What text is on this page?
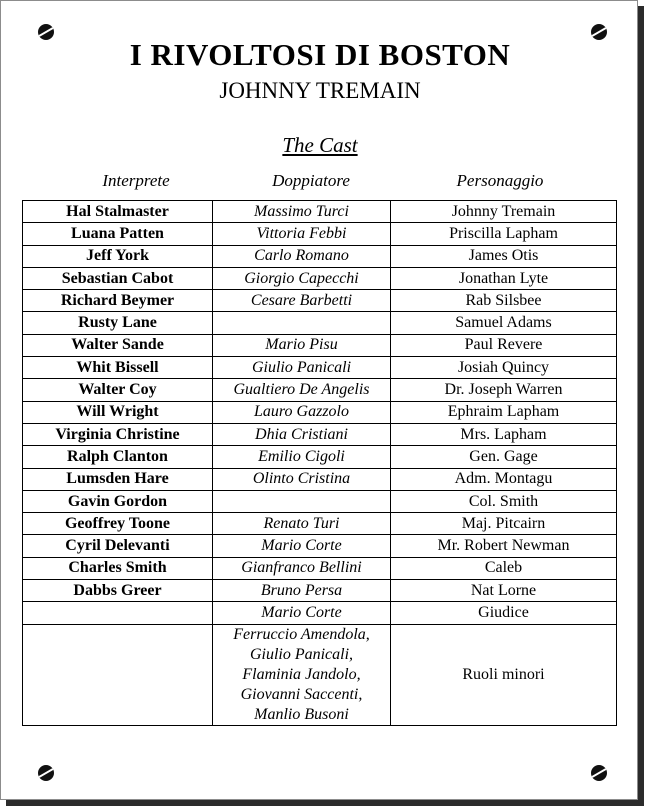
I RIVOLTOSI DI BOSTON
JOHNNY TREMAIN
The Cast
Interprete	Doppiatore	Personaggio
Hal Stalmaster	Massimo Turci	Johnny Tremain
Luana Patten	Vittoria Febbi	Priscilla Lapham
Jeff York	Carlo Romano	James Otis
Sebastian Cabot	Giorgio Capecchi	Jonathan Lyte
Richard Beymer	Cesare Barbetti	Rab Silsbee
Rusty Lane		Samuel Adams
Walter Sande	Mario Pisu	Paul Revere
Whit Bissell	Giulio Panicali	Josiah Quincy
Walter Coy	Gualtiero De Angelis	Dr. Joseph Warren
Will Wright	Lauro Gazzolo	Ephraim Lapham
Virginia Christine	Dhia Cristiani	Mrs. Lapham
Ralph Clanton	Emilio Cigoli	Gen. Gage
Lumsden Hare	Olinto Cristina	Adm. Montagu
Gavin Gordon		Col. Smith
Geoffrey Toone	Renato Turi	Maj. Pitcairn
Cyril Delevanti	Mario Corte	Mr. Robert Newman
Charles Smith	Gianfranco Bellini	Caleb
Dabbs Greer	Bruno Persa	Nat Lorne
	Mario Corte	Giudice

	Ferruccio Amendola,
Giulio Panicali,
Flaminia Jandolo,
Giovanni Saccenti,
Manlio Busoni	Ruoli minori
